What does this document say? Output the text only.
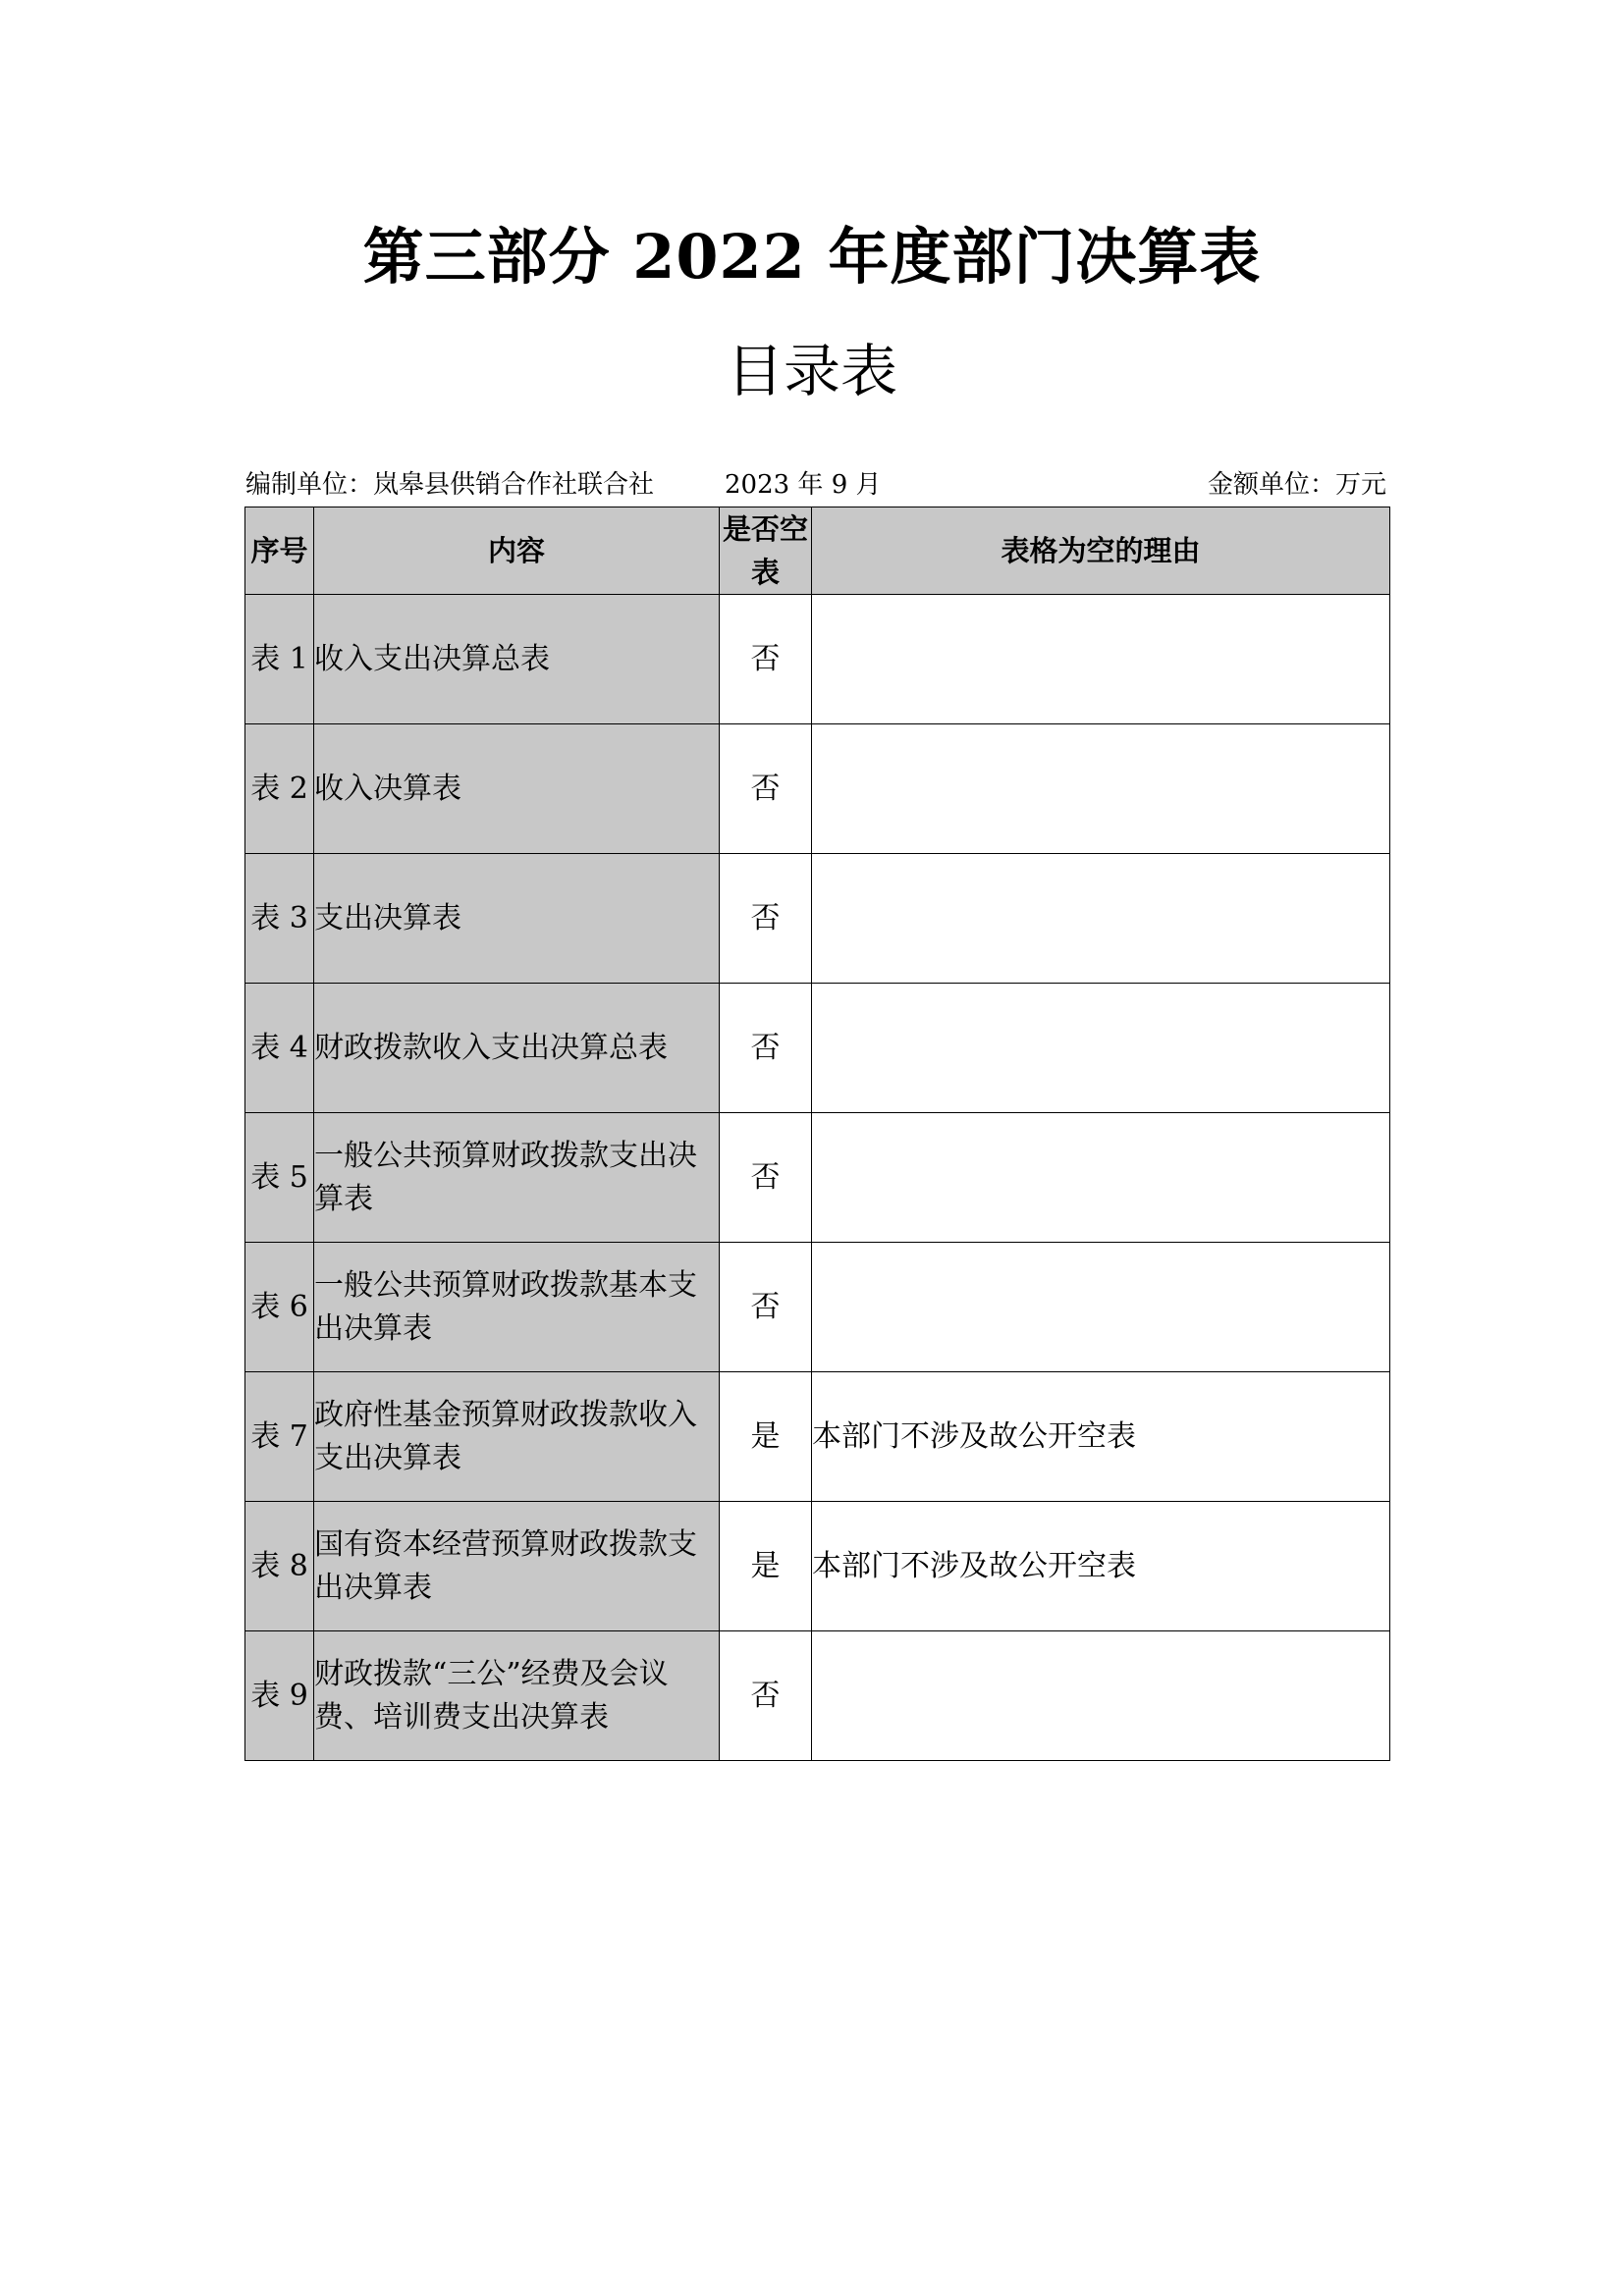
第三部分 2022 年度部门决算表
目录表
编制单位：岚皋县供销合作社联合社	2023 年 9 月	金额单位：万元
序号	内容	是否空表	表格为空的理由
表 1	收入支出决算总表	否	
表 2	收入决算表	否	
表 3	支出决算表	否	
表 4	财政拨款收入支出决算总表	否	
表 5	一般公共预算财政拨款支出决算表	否	
表 6	一般公共预算财政拨款基本支出决算表	否	
表 7	政府性基金预算财政拨款收入支出决算表	是	本部门不涉及故公开空表
表 8	国有资本经营预算财政拨款支出决算表	是	本部门不涉及故公开空表
表 9	财政拨款“三公”经费及会议费、培训费支出决算表	否	
